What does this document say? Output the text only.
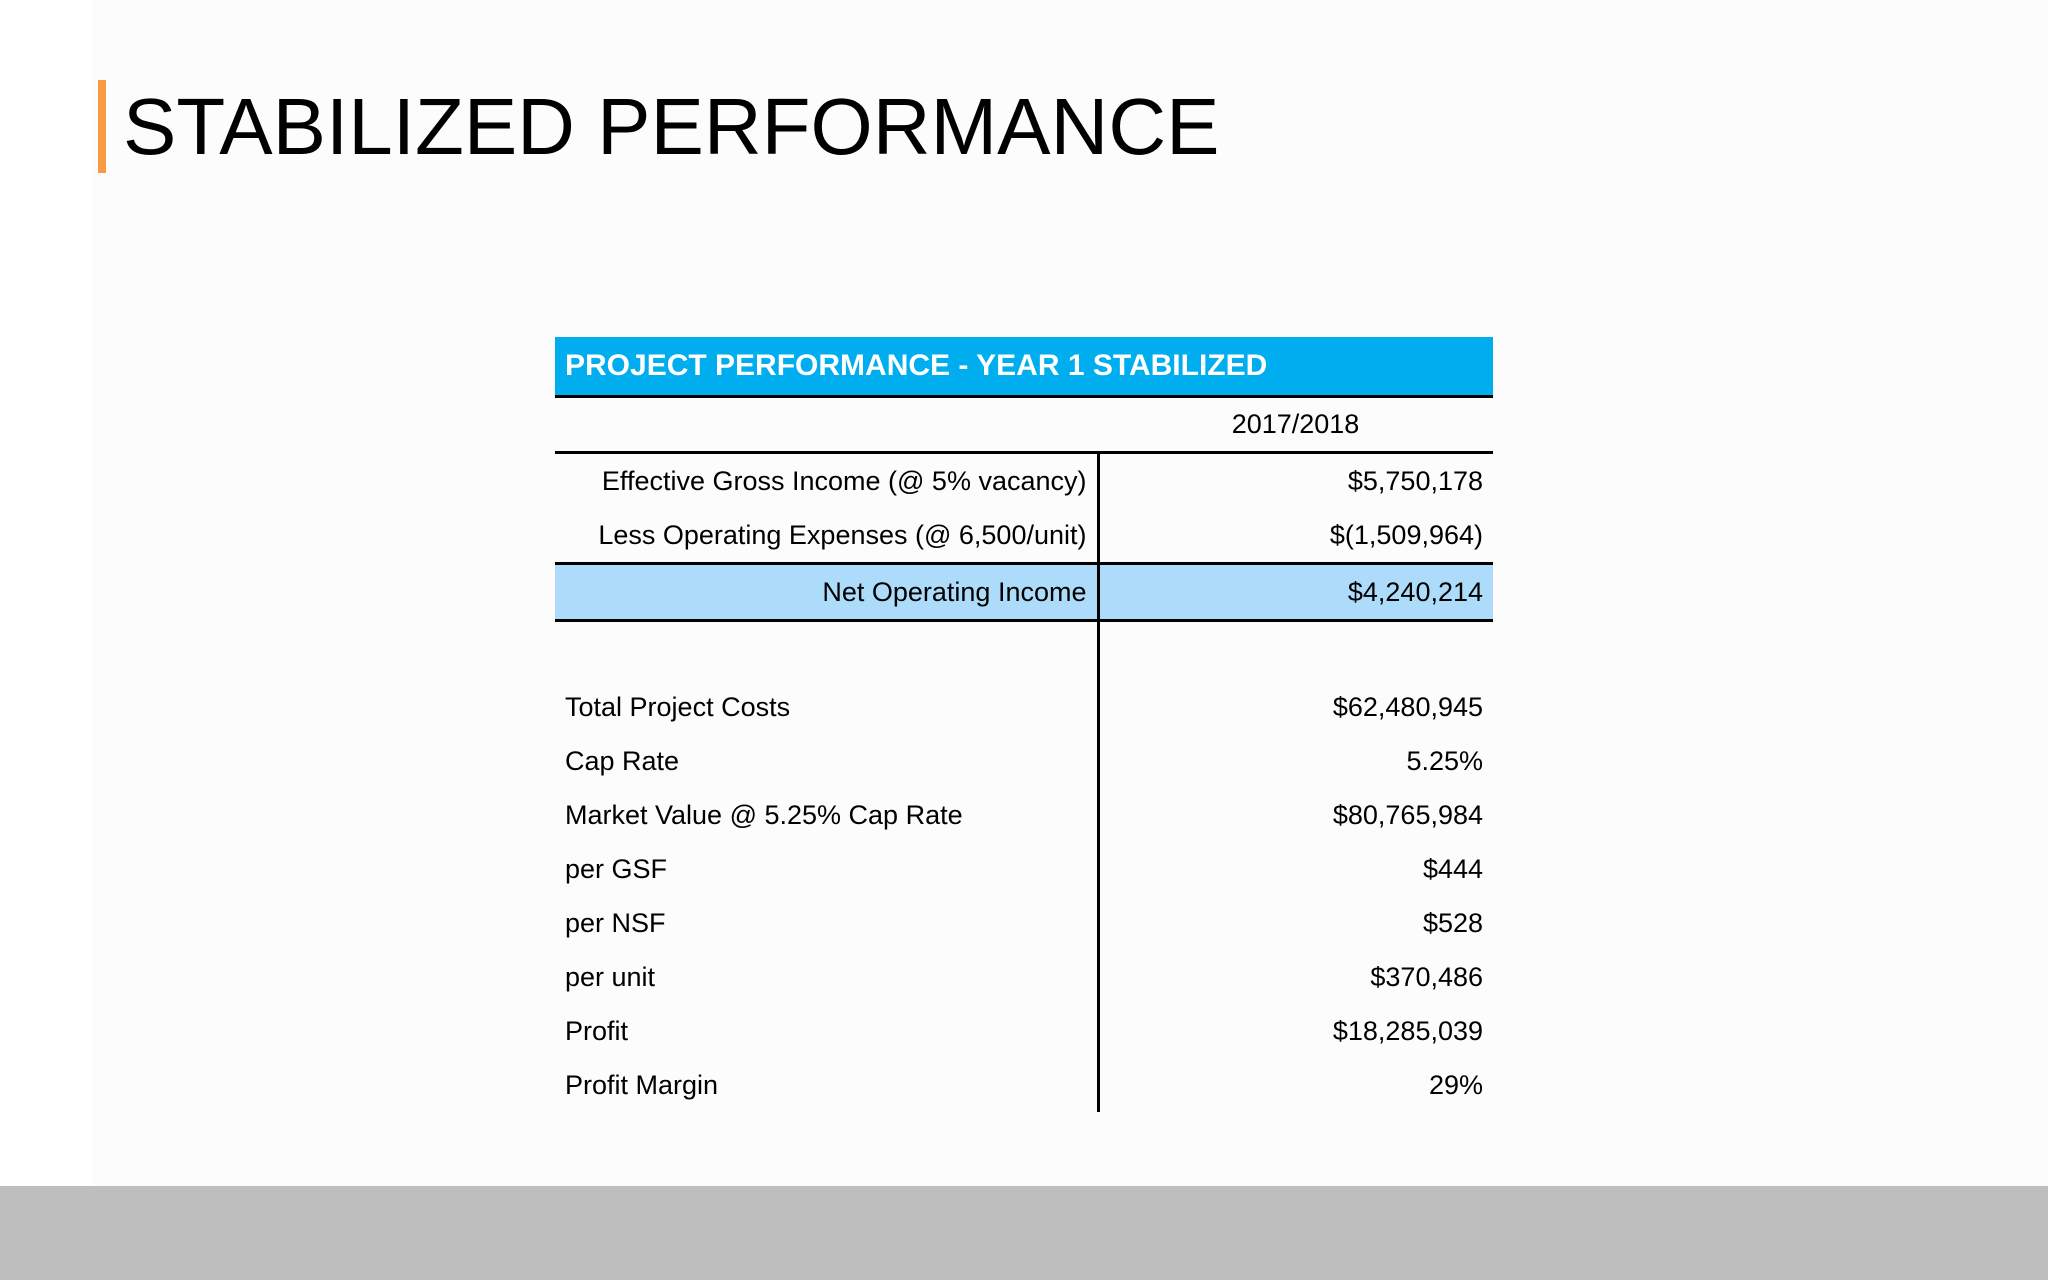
STABILIZED PERFORMANCE
PROJECT PERFORMANCE - YEAR 1 STABILIZED	
	2017/2018
Effective Gross Income (@ 5% vacancy)	$5,750,178
Less Operating Expenses (@ 6,500/unit)	$(1,509,964)
Net Operating Income	$4,240,214

Total Project Costs	$62,480,945
Cap Rate	5.25%
Market Value @ 5.25% Cap Rate	$80,765,984
per GSF	$444
per NSF	$528
per unit	$370,486
Profit	$18,285,039
Profit Margin	29%
